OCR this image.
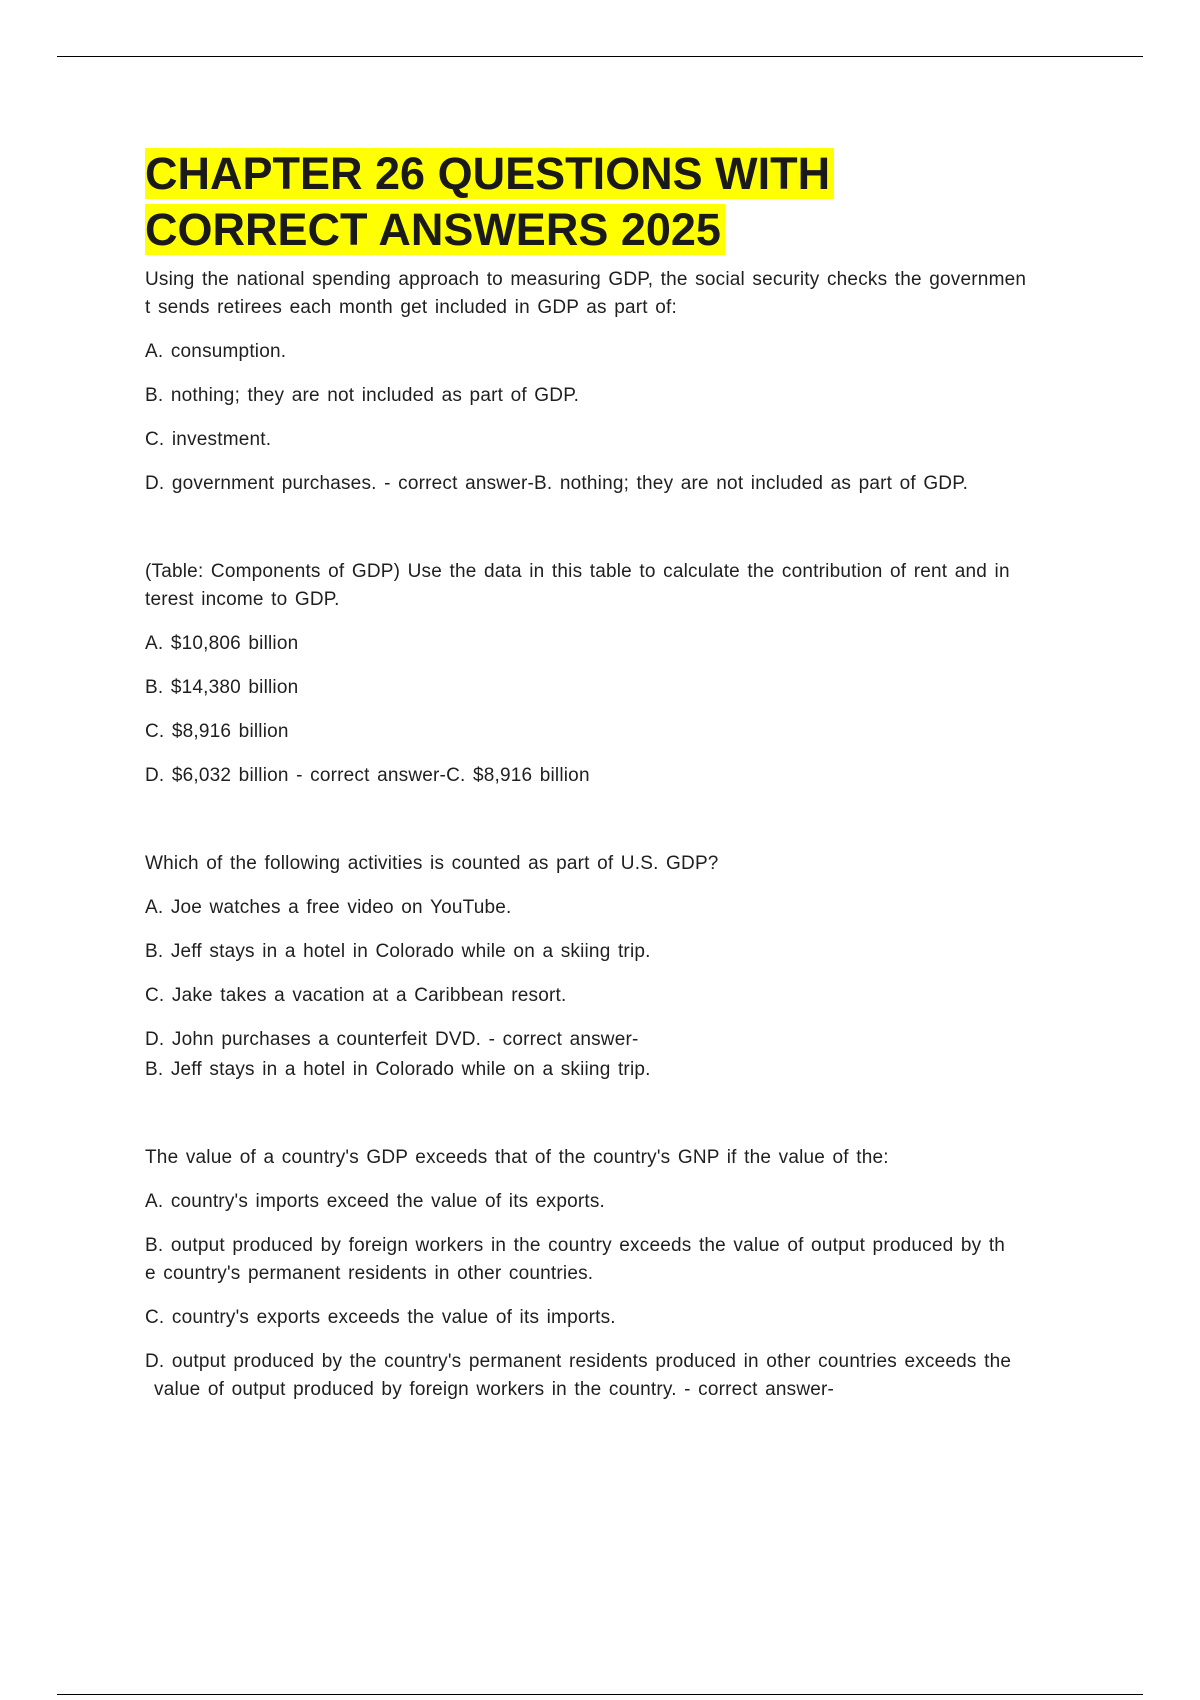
CHAPTER 26 QUESTIONS WITH
CORRECT ANSWERS 2025

Using the national spending approach to measuring GDP, the social security checks the governmen
t sends retirees each month get included in GDP as part of:

A. consumption.

B. nothing; they are not included as part of GDP.

C. investment.

D. government purchases. - correct answer-B. nothing; they are not included as part of GDP.

(Table: Components of GDP) Use the data in this table to calculate the contribution of rent and in
terest income to GDP.

A. $10,806 billion

B. $14,380 billion

C. $8,916 billion

D. $6,032 billion - correct answer-C. $8,916 billion

Which of the following activities is counted as part of U.S. GDP?

A. Joe watches a free video on YouTube.

B. Jeff stays in a hotel in Colorado while on a skiing trip.

C. Jake takes a vacation at a Caribbean resort.

D. John purchases a counterfeit DVD. - correct answer-

B. Jeff stays in a hotel in Colorado while on a skiing trip.

The value of a country's GDP exceeds that of the country's GNP if the value of the:

A. country's imports exceed the value of its exports.

B. output produced by foreign workers in the country exceeds the value of output produced by th
e country's permanent residents in other countries.

C. country's exports exceeds the value of its imports.

D. output produced by the country's permanent residents produced in other countries exceeds the
value of output produced by foreign workers in the country. - correct answer-
